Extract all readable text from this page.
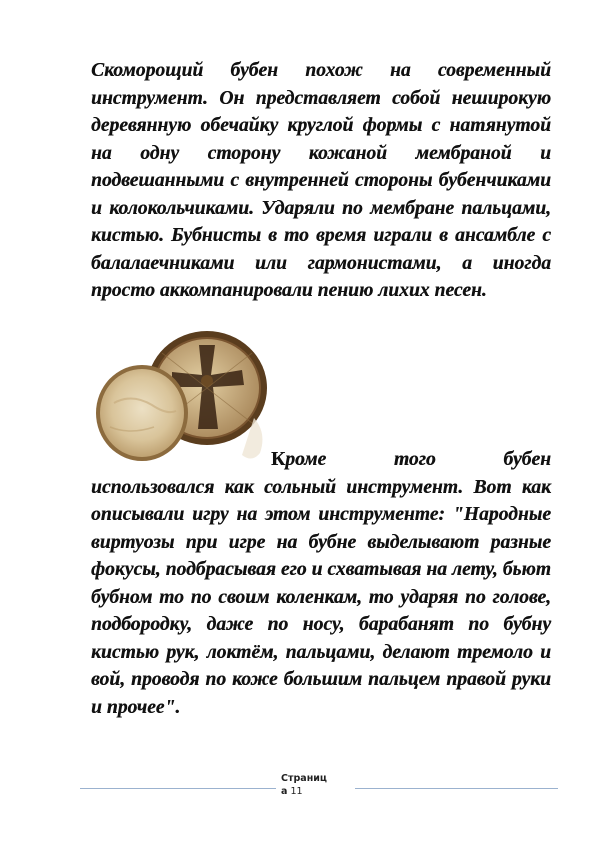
Скоморощий бубен похож на современный инструмент. Он представляет собой неширокую деревянную обечайку круглой формы с натянутой на одну сторону кожаной мембраной и подвешанными с внутренней стороны бубенчиками и колокольчиками. Ударяли по мембране пальцами, кистью. Бубнисты в то время играли в ансамбле с балалаечниками или гармонистами, а иногда просто аккомпанировали пению лихих песен.

Кроме того бубен использовался как сольный инструмент. Вот как описывали игру на этом инструменте: "Народные виртуозы при игре на бубне выделывают разные фокусы, подбрасывая его и схватывая на лету, бьют бубном то по своим коленкам, то ударяя по голове, подбородку, даже по носу, барабанят по бубну кистью рук, локтём, пальцами, делают тремоло и вой, проводя по коже большим пальцем правой руки и прочее".

Страниц
а 11
